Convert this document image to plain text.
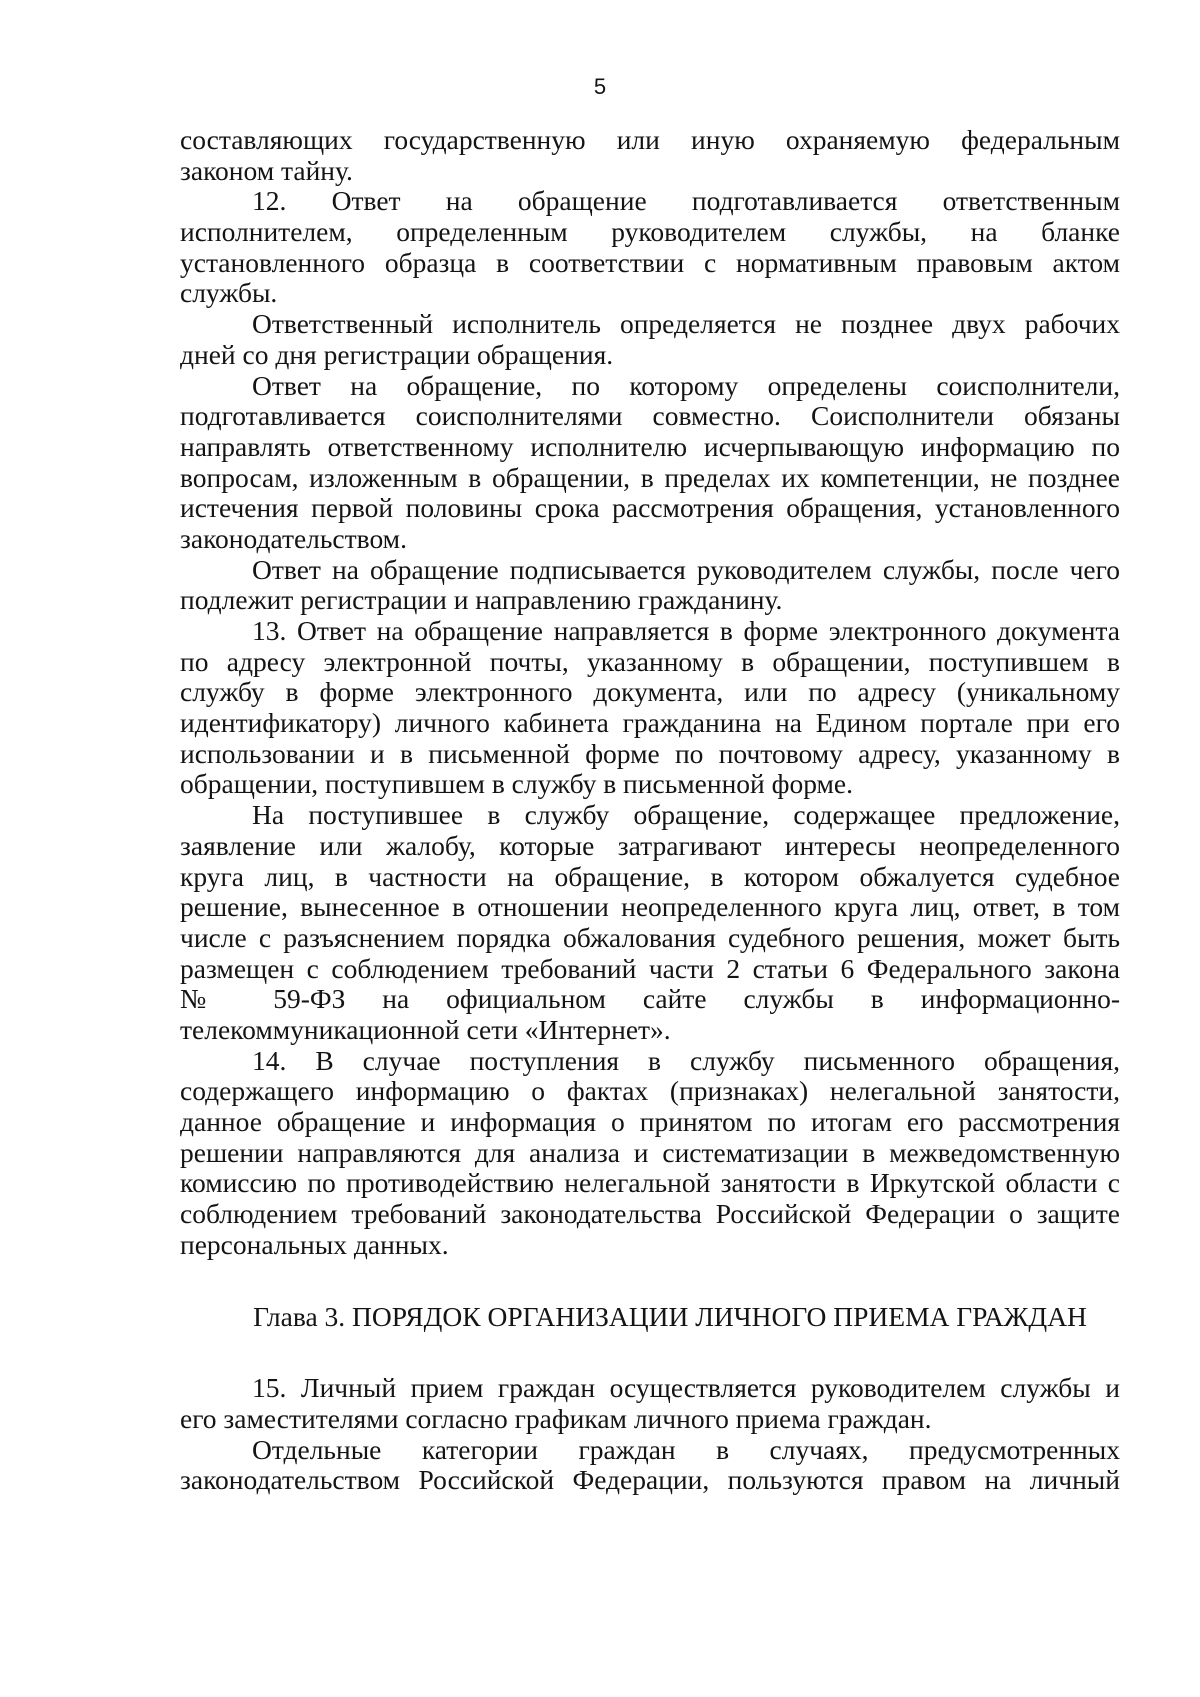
5
составляющих государственную или иную охраняемую федеральным
законом тайну.
12. Ответ на обращение подготавливается ответственным
исполнителем, определенным руководителем службы, на бланке
установленного образца в соответствии с нормативным правовым актом
службы.
Ответственный исполнитель определяется не позднее двух рабочих
дней со дня регистрации обращения.
Ответ на обращение, по которому определены соисполнители,
подготавливается соисполнителями совместно. Соисполнители обязаны
направлять ответственному исполнителю исчерпывающую информацию по
вопросам, изложенным в обращении, в пределах их компетенции, не позднее
истечения первой половины срока рассмотрения обращения, установленного
законодательством.
Ответ на обращение подписывается руководителем службы, после чего
подлежит регистрации и направлению гражданину.
13. Ответ на обращение направляется в форме электронного документа
по адресу электронной почты, указанному в обращении, поступившем в
службу в форме электронного документа, или по адресу (уникальному
идентификатору) личного кабинета гражданина на Едином портале при его
использовании и в письменной форме по почтовому адресу, указанному в
обращении, поступившем в службу в письменной форме.
На поступившее в службу обращение, содержащее предложение,
заявление или жалобу, которые затрагивают интересы неопределенного
круга лиц, в частности на обращение, в котором обжалуется судебное
решение, вынесенное в отношении неопределенного круга лиц, ответ, в том
числе с разъяснением порядка обжалования судебного решения, может быть
размещен с соблюдением требований части 2 статьи 6 Федерального закона
№ 59-ФЗ на официальном сайте службы в информационно-
телекоммуникационной сети «Интернет».
14. В случае поступления в службу письменного обращения,
содержащего информацию о фактах (признаках) нелегальной занятости,
данное обращение и информация о принятом по итогам его рассмотрения
решении направляются для анализа и систематизации в межведомственную
комиссию по противодействию нелегальной занятости в Иркутской области с
соблюдением требований законодательства Российской Федерации о защите
персональных данных.
Глава 3. ПОРЯДОК ОРГАНИЗАЦИИ ЛИЧНОГО ПРИЕМА ГРАЖДАН
15. Личный прием граждан осуществляется руководителем службы и
его заместителями согласно графикам личного приема граждан.
Отдельные категории граждан в случаях, предусмотренных
законодательством Российской Федерации, пользуются правом на личный
